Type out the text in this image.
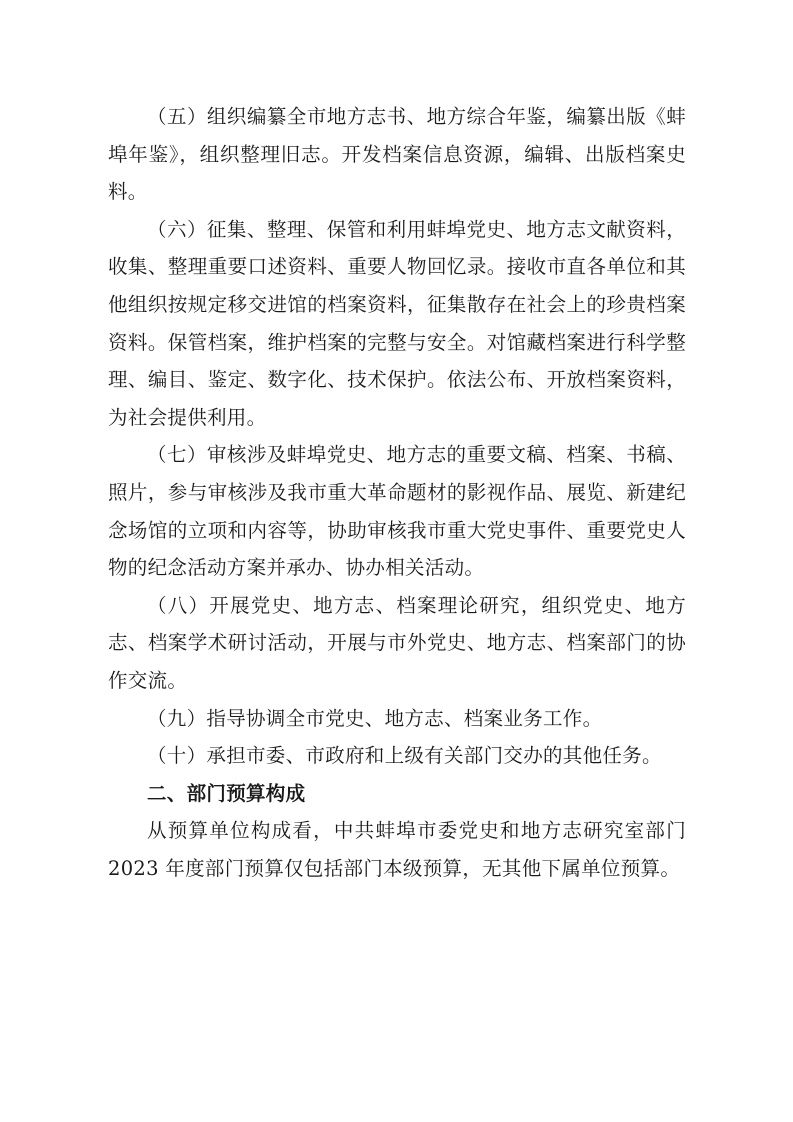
（五）组织编纂全市地方志书、地方综合年鉴，编纂出版《蚌埠年鉴》，组织整理旧志。开发档案信息资源，编辑、出版档案史料。

（六）征集、整理、保管和利用蚌埠党史、地方志文献资料，收集、整理重要口述资料、重要人物回忆录。接收市直各单位和其他组织按规定移交进馆的档案资料，征集散存在社会上的珍贵档案资料。保管档案，维护档案的完整与安全。对馆藏档案进行科学整理、编目、鉴定、数字化、技术保护。依法公布、开放档案资料，为社会提供利用。

（七）审核涉及蚌埠党史、地方志的重要文稿、档案、书稿、照片，参与审核涉及我市重大革命题材的影视作品、展览、新建纪念场馆的立项和内容等，协助审核我市重大党史事件、重要党史人物的纪念活动方案并承办、协办相关活动。

（八）开展党史、地方志、档案理论研究，组织党史、地方志、档案学术研讨活动，开展与市外党史、地方志、档案部门的协作交流。

（九）指导协调全市党史、地方志、档案业务工作。

（十）承担市委、市政府和上级有关部门交办的其他任务。

二、部门预算构成

从预算单位构成看，中共蚌埠市委党史和地方志研究室部门 2023 年度部门预算仅包括部门本级预算，无其他下属单位预算。
